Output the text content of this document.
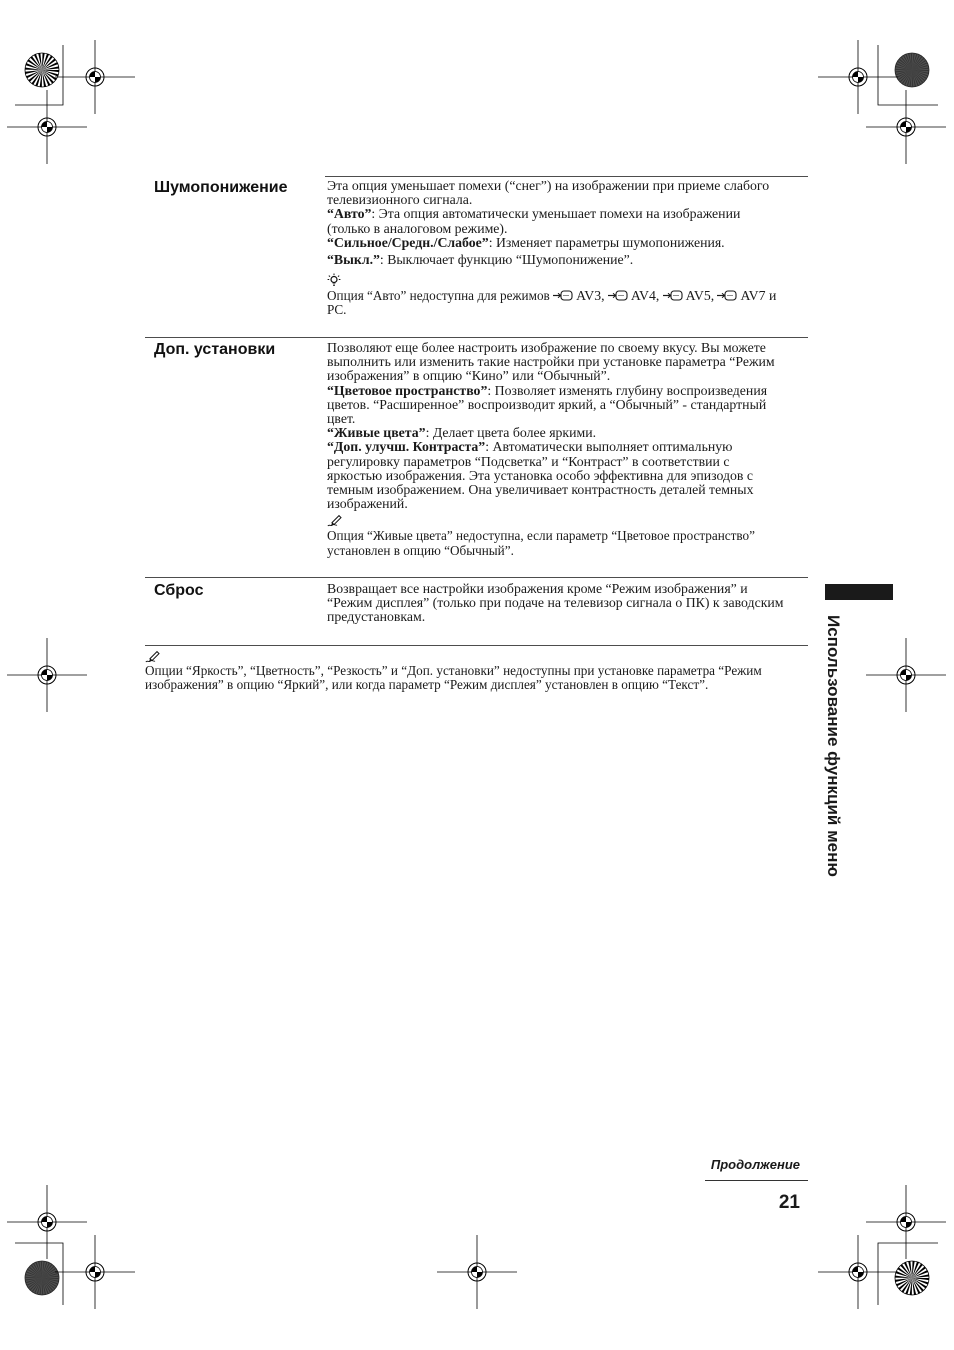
Шумопонижение	Эта опция уменьшает помехи (“снег”) на изображении при приеме слабого
телевизионного сигнала.
“Авто”: Эта опция автоматически уменьшает помехи на изображении
(только в аналоговом режиме).
“Сильное/Средн./Слабое”: Изменяет параметры шумопонижения.
“Выкл.”: Выключает функцию “Шумопонижение”.
Опция “Авто” недоступна для режимов AV3, AV4, AV5, AV7 и
PC.
Доп. установки	Позволяют еще более настроить изображение по своему вкусу. Вы можете
выполнить или изменить такие настройки при установке параметра “Режим
изображения” в опцию “Кино” или “Обычный”.
“Цветовое пространство”: Позволяет изменять глубину воспроизведения
цветов. “Расширенное” воспроизводит яркий, а “Обычный” - стандартный
цвет.
“Живые цвета”: Делает цвета более яркими.
“Доп. улучш. Контраста”: Автоматически выполняет оптимальную
регулировку параметров “Подсветка” и “Контраст” в соответствии с
яркостью изображения. Эта установка особо эффективна для эпизодов с
темным изображением. Она увеличивает контрастность деталей темных
изображений.
Опция “Живые цвета” недоступна, если параметр “Цветовое пространство”
установлен в опцию “Обычный”.
Сброс	Возвращает все настройки изображения кроме “Режим изображения” и
“Режим дисплея” (только при подаче на телевизор сигнала о ПК) к заводским
предустановкам.
Опции “Яркость”, “Цветность”, “Резкость” и “Доп. установки” недоступны при установке параметра “Режим
изображения” в опцию “Яркий”, или когда параметр “Режим дисплея” установлен в опцию “Текст”.	Использование функций меню
Продолжение
21
